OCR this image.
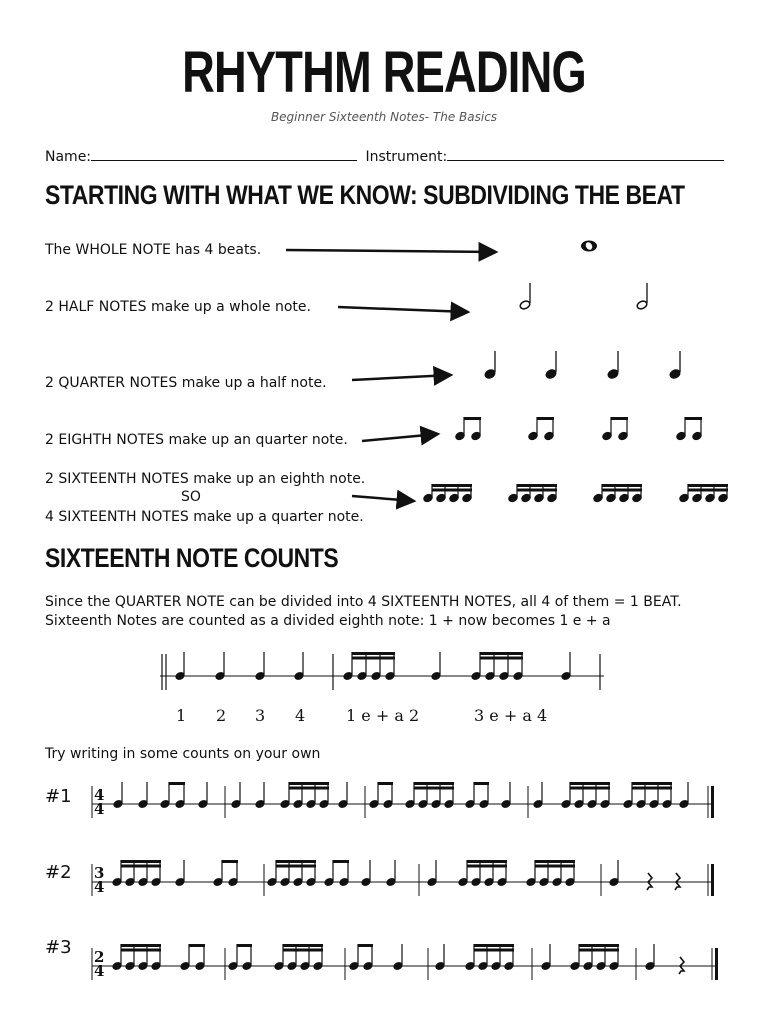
RHYTHM READING
Beginner Sixteenth Notes- The Basics
Name:	Instrument:
STARTING WITH WHAT WE KNOW: SUBDIVIDING THE BEAT
The WHOLE NOTE has 4 beats.
2 HALF NOTES make up a whole note.
2 QUARTER NOTES make up a half note.
2 EIGHTH NOTES make up an quarter note.
2 SIXTEENTH NOTES make up an eighth note.
SO
4 SIXTEENTH NOTES make up a quarter note.
4
4
3
4
2
4
SIXTEENTH NOTE COUNTS
Since the QUARTER NOTE can be divided into 4 SIXTEENTH NOTES, all 4 of them = 1 BEAT.
Sixteenth Notes are counted as a divided eighth note: 1 + now becomes 1 e + a
1 2 3 4	1 e + a 2	3 e + a 4
Try writing in some counts on your own
#1
#2
#3
